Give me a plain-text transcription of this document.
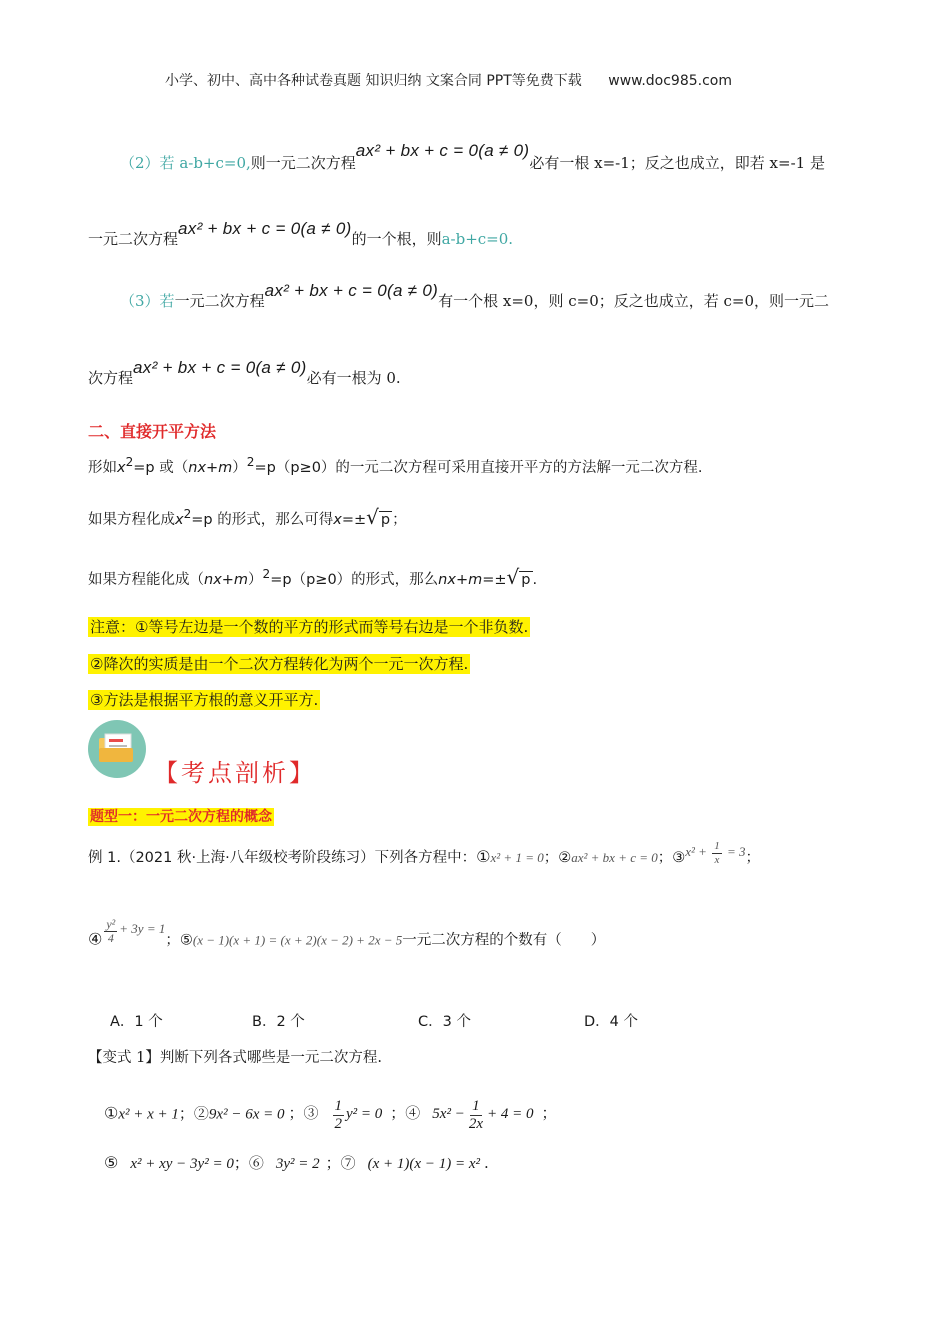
小学、初中、高中各种试卷真题 知识归纳 文案合同 PPT等免费下载 www.doc985.com
（2）若 a-b+c=0,则一元二次方程ax² + bx + c = 0(a ≠ 0)必有一根 x=-1；反之也成立，即若 x=-1 是
一元二次方程ax² + bx + c = 0(a ≠ 0)的一个根，则a-b+c=0.
（3）若一元二次方程ax² + bx + c = 0(a ≠ 0)有一个根 x=0，则 c=0；反之也成立，若 c=0，则一元二
次方程ax² + bx + c = 0(a ≠ 0)必有一根为 0.
二、直接开平方法
形如$x^2=p$ 或$(nx+m)^2=p(p\ge 0)$的一元二次方程可采用直接开平方的方法解一元二次方程.
如果方程化成$x^2=p$ 的形式，那么可得x=±√ p ；
如果方程能化成$(nx+m)^2=p(p\ge 0)$的形式，那么nx+m=±√ p .
注意：①等号左边是一个数的平方的形式而等号右边是一个非负数.
②降次的实质是由一个二次方程转化为两个一元一次方程.
③方法是根据平方根的意义开平方.
【考点剖析】
题型一：一元二次方程的概念
例 1.（2021 秋·上海·八年级校考阶段练习）下列各方程中：①x² + 1 = 0；②ax² + bx + c = 0；③x² + $\frac{1}{x} = 3$；
④ $\frac{\text{y²}}{4} + 3y = 1$；⑤(x − 1)(x + 1) = (x + 2)(x − 2) + 2x − 5一元二次方程的个数有（　　）
A．1 个	B．2 个	C．3 个	D．4 个
【变式 1】判断下列各式哪些是一元二次方程.
①x² + x + 1；②9x² − 6x = 0 ；③ $\frac{1}{2} y^2 = 0$ ；④ $5x^2 - \frac{1}{2x} + 4 = 0$ ；
⑤ x² + xy − 3y² = 0；⑥ 3y² = 2 ；⑦ (x + 1)(x − 1) = x² .
